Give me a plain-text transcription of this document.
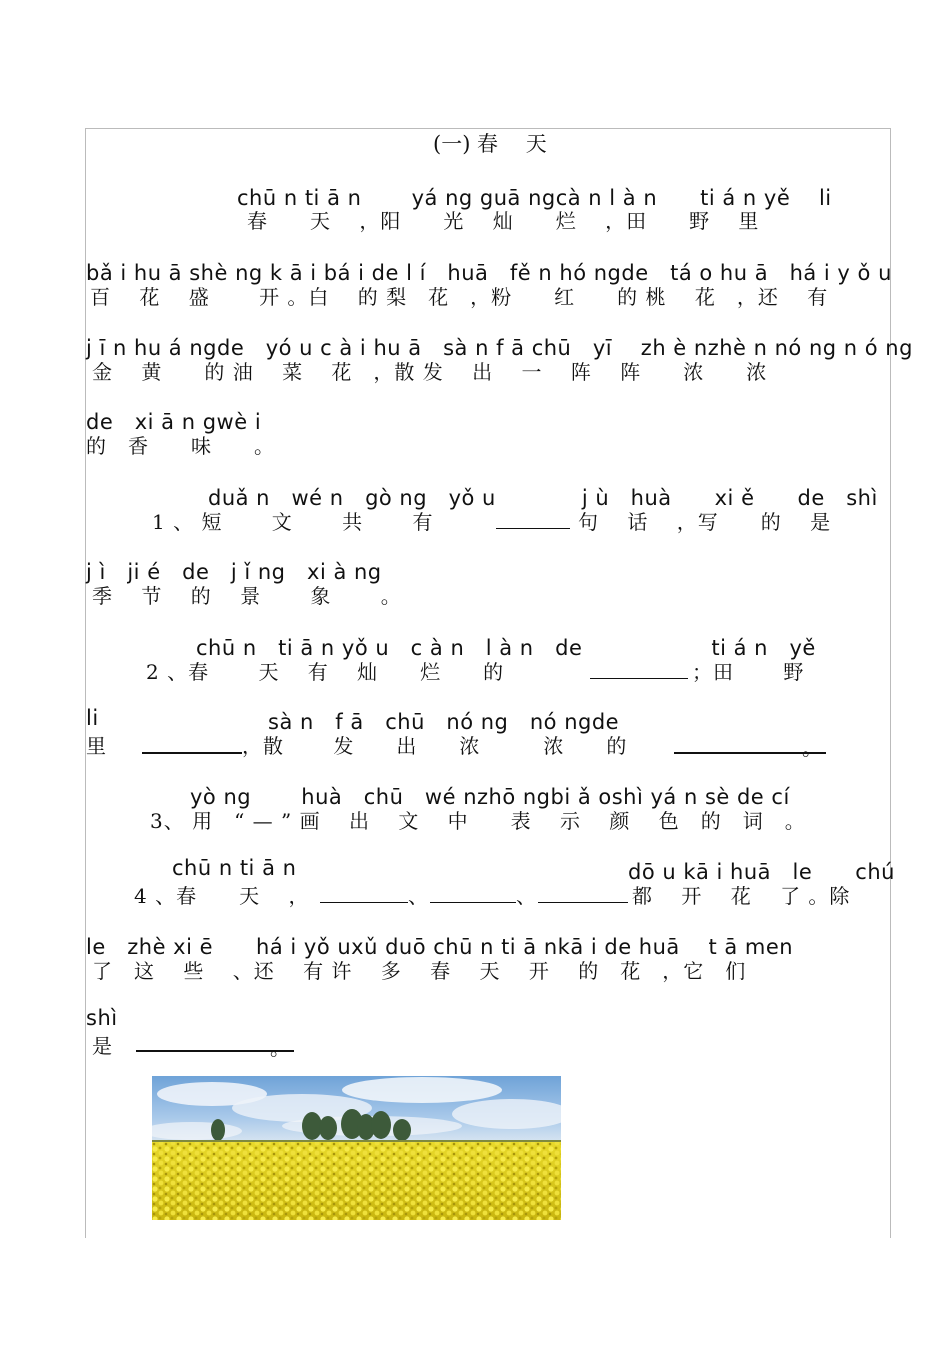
(一) 春　 天
chū n ti ā n　　 yá ng guā ngcà n l à n　　ti á n yě　 li
春　　天　 ，阳　　光　 灿　　烂　 ，田　　野　 里
bǎ i hu ā shè ng k ā i bá i de l í　huā　fě n hó ngde　tá o hu ā　há i y ǒ u
百　 花　 盛　　 开 。白　 的 梨　花　，粉　　红　　的 桃　 花　，还　 有
j ī n hu á ngde　yó u c à i hu ā　sà n f ā chū　yī　 zh è nzhè n nó ng n ó ng
金　 黄　　的 油　 菜　 花　，散 发　 出　 一　 阵　 阵　　浓　　浓
de　xi ā n gwè i
的　香　　味　　。
duǎ n　wé n　gò ng　yǒ u　　　　j ù　huà　　xi ě　　de　shì
1 、 短　　 文　　 共　　 有	句　 话　 ，写　　的　 是
j ì　ji é　de　j ǐ ng　xi à ng
季　 节　 的　 景　　 象　　 。
chū n　ti ā n yǒ u　c à n　l à n　de　　　　　　ti á n　yě
2 、春　　 天　 有　 灿　　烂　　的	；田　　 野
li	sà n　f ā　chū　nó ng　nó ngde
里	，散　　 发　　出　　浓　　　浓　　的	。
yò ng　　 huà　chū　wé nzhō ngbi ǎ oshì yá n sè de cí
3、 用　“ — ” 画　 出　 文　 中　　表　 示　 颜　 色　的　词　。
chū n ti ā n	dō u kā i huā　le　　chú
4 、春　　天　 ，	、	、	都　 开　 花　 了 。除
le　zhè xi ē　　há i yǒ uxǔ duō chū n ti ā nkā i de huā　 t ā men
了　这　 些　 、还　 有 许　 多　 春　 天　 开　 的　花　，它　们
shì
是	。
